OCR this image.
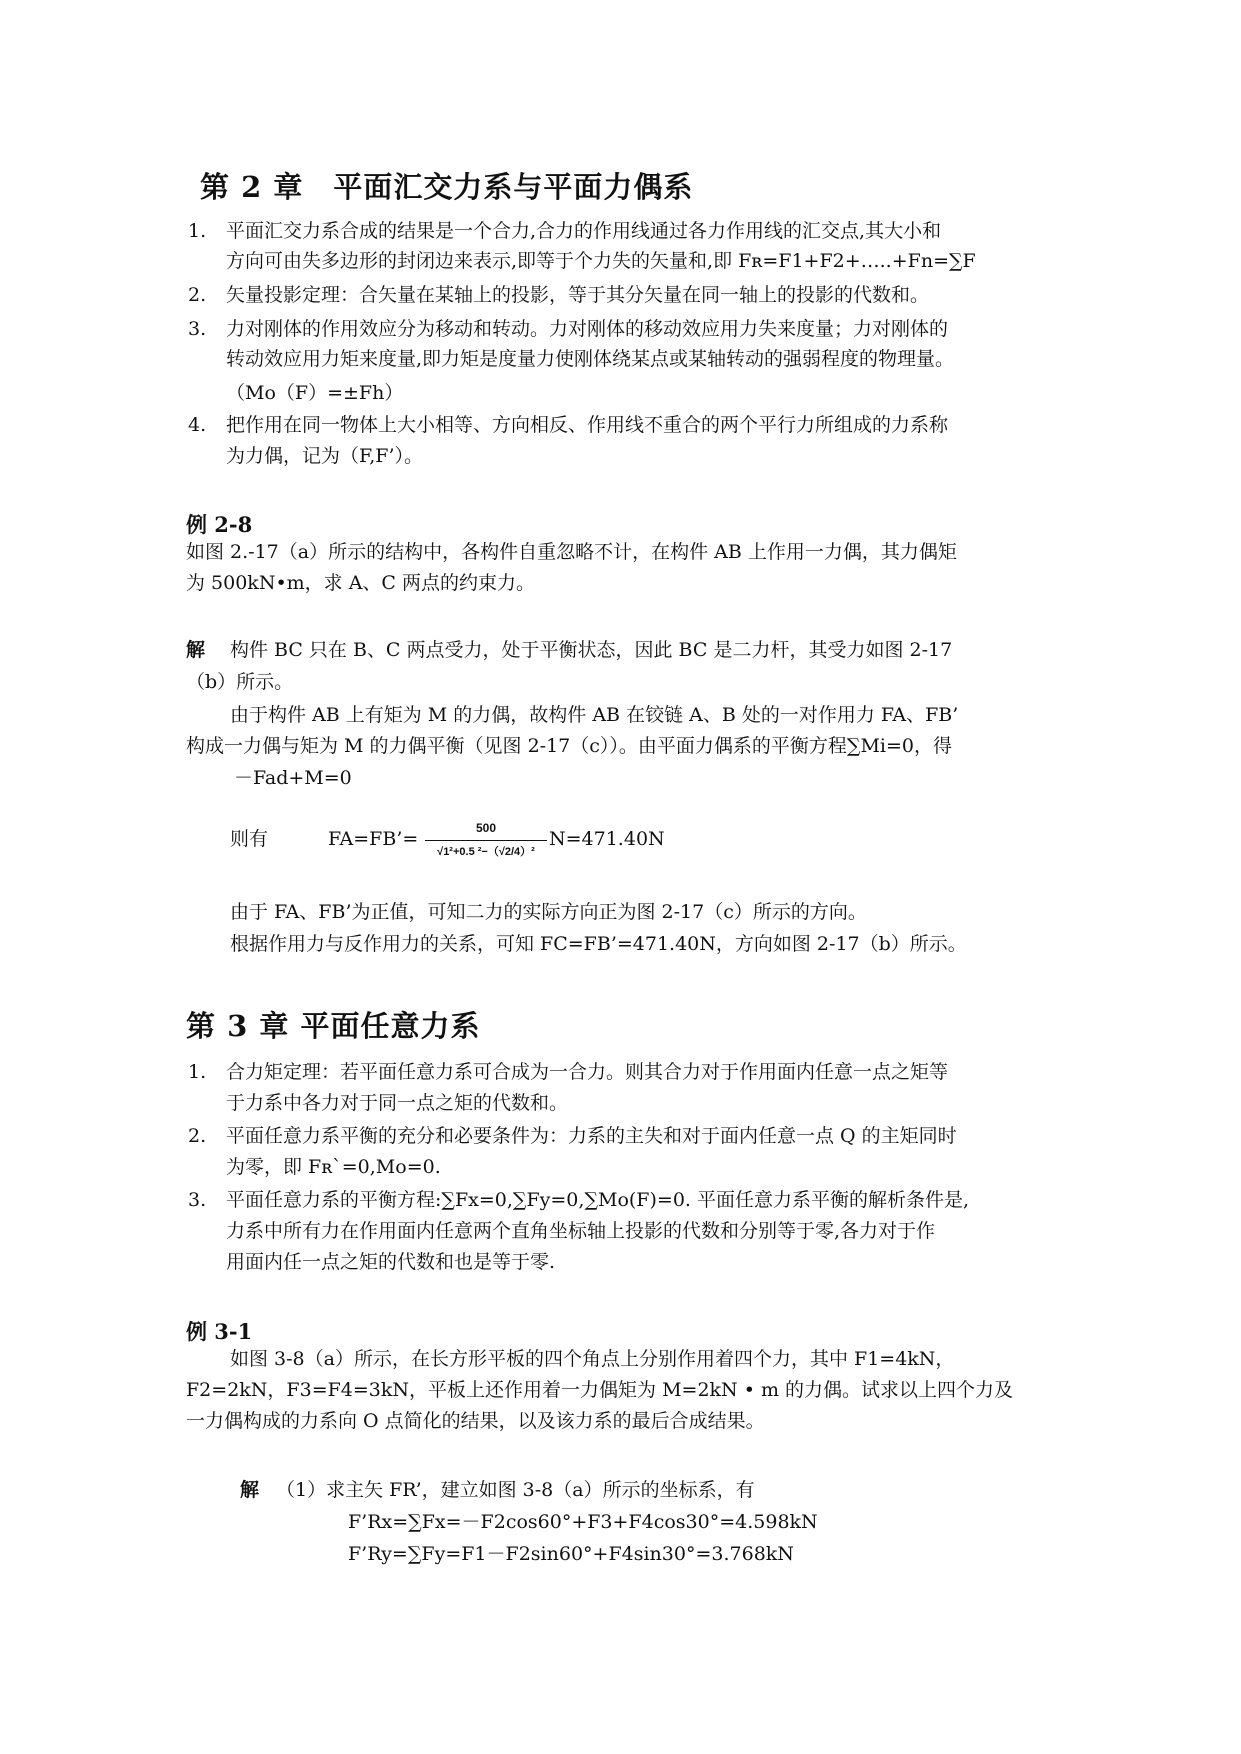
第 2 章　平面汇交力系与平面力偶系
1. 平面汇交力系合成的结果是一个合力,合力的作用线通过各力作用线的汇交点,其大小和
方向可由失多边形的封闭边来表示,即等于个力失的矢量和,即 Fʀ=F1+F2+…..+Fn=∑F
2. 矢量投影定理：合矢量在某轴上的投影，等于其分矢量在同一轴上的投影的代数和。
3. 力对刚体的作用效应分为移动和转动。力对刚体的移动效应用力失来度量；力对刚体的
转动效应用力矩来度量,即力矩是度量力使刚体绕某点或某轴转动的强弱程度的物理量。
（Mo（F）=±Fh）
4. 把作用在同一物体上大小相等、方向相反、作用线不重合的两个平行力所组成的力系称
为力偶，记为（F,F’）。
例 2-8
如图 2.-17（a）所示的结构中，各构件自重忽略不计，在构件 AB 上作用一力偶，其力偶矩
为 500kN•m，求 A、C 两点的约束力。
解 构件 BC 只在 B、C 两点受力，处于平衡状态，因此 BC 是二力杆，其受力如图 2-17
（b）所示。
由于构件 AB 上有矩为 M 的力偶，故构件 AB 在铰链 A、B 处的一对作用力 FA、FB’
构成一力偶与矩为 M 的力偶平衡（见图 2-17（c））。由平面力偶系的平衡方程∑Mi=0，得
－Fad+M=0
则有	FA=FB’=	500
√1²+0.5 ²−（√2/4）²
N=471.40N
由于 FA、FB’为正值，可知二力的实际方向正为图 2-17（c）所示的方向。
根据作用力与反作用力的关系，可知 FC=FB’=471.40N，方向如图 2-17（b）所示。
第 3 章 平面任意力系
1. 合力矩定理：若平面任意力系可合成为一合力。则其合力对于作用面内任意一点之矩等
于力系中各力对于同一点之矩的代数和。
2. 平面任意力系平衡的充分和必要条件为：力系的主失和对于面内任意一点 Q 的主矩同时
为零，即 Fʀ`=0,Mo=0.
3. 平面任意力系的平衡方程:∑Fx=0,∑Fy=0,∑Mo(F)=0. 平面任意力系平衡的解析条件是,
力系中所有力在作用面内任意两个直角坐标轴上投影的代数和分别等于零,各力对于作
用面内任一点之矩的代数和也是等于零.
例 3-1
如图 3-8（a）所示，在长方形平板的四个角点上分别作用着四个力，其中 F1=4kN，
F2=2kN，F3=F4=3kN，平板上还作用着一力偶矩为 M=2kN • m 的力偶。试求以上四个力及
一力偶构成的力系向 O 点简化的结果，以及该力系的最后合成结果。
解 （1）求主矢 FR’，建立如图 3-8（a）所示的坐标系，有
F’Rx=∑Fx=－F2cos60°+F3+F4cos30°=4.598kN
F’Ry=∑Fy=F1－F2sin60°+F4sin30°=3.768kN
